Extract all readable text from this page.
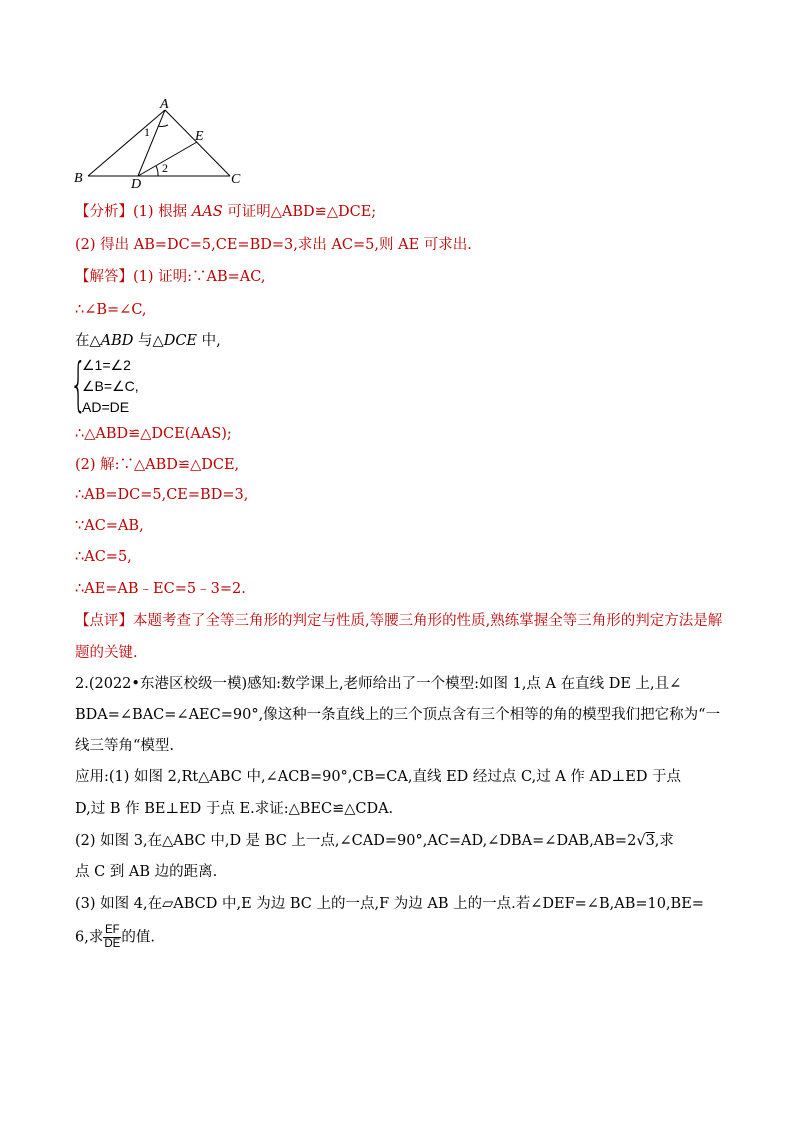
A
B	C
D
E
1
2
【分析】(1) 根据 AAS 可证明△ABD≌△DCE;
(2) 得出 AB=DC=5,CE=BD=3,求出 AC=5,则 AE 可求出.
【解答】(1) 证明:∵AB=AC,
∴∠B=∠C,
在△ABD 与△DCE 中,
{
∠1=∠2
∠B=∠C,
AD=DE
∴△ABD≌△DCE(AAS);
(2) 解:∵△ABD≌△DCE,
∴AB=DC=5,CE=BD=3,
∵AC=AB,
∴AC=5,
∴AE=AB﹣EC=5﹣3=2.
【点评】本题考查了全等三角形的判定与性质,等腰三角形的性质,熟练掌握全等三角形的判定方法是解
题的关键.
2.(2022•东港区校级一模)感知:数学课上,老师给出了一个模型:如图 1,点 A 在直线 DE 上,且∠
BDA=∠BAC=∠AEC=90°,像这种一条直线上的三个顶点含有三个相等的角的模型我们把它称为“一
线三等角“模型.
应用:(1) 如图 2,Rt△ABC 中,∠ACB=90°,CB=CA,直线 ED 经过点 C,过 A 作 AD⊥ED 于点
D,过 B 作 BE⊥ED 于点 E.求证:△BEC≌△CDA.
(2) 如图 3,在△ABC 中,D 是 BC 上一点,∠CAD=90°,AC=AD,∠DBA=∠DAB,AB=2√3,求
点 C 到 AB 边的距离.
(3) 如图 4,在▱ABCD 中,E 为边 BC 上的一点,F 为边 AB 上的一点.若∠DEF=∠B,AB=10,BE=
6,求 $\frac{EF}{DE}$ 的值.
